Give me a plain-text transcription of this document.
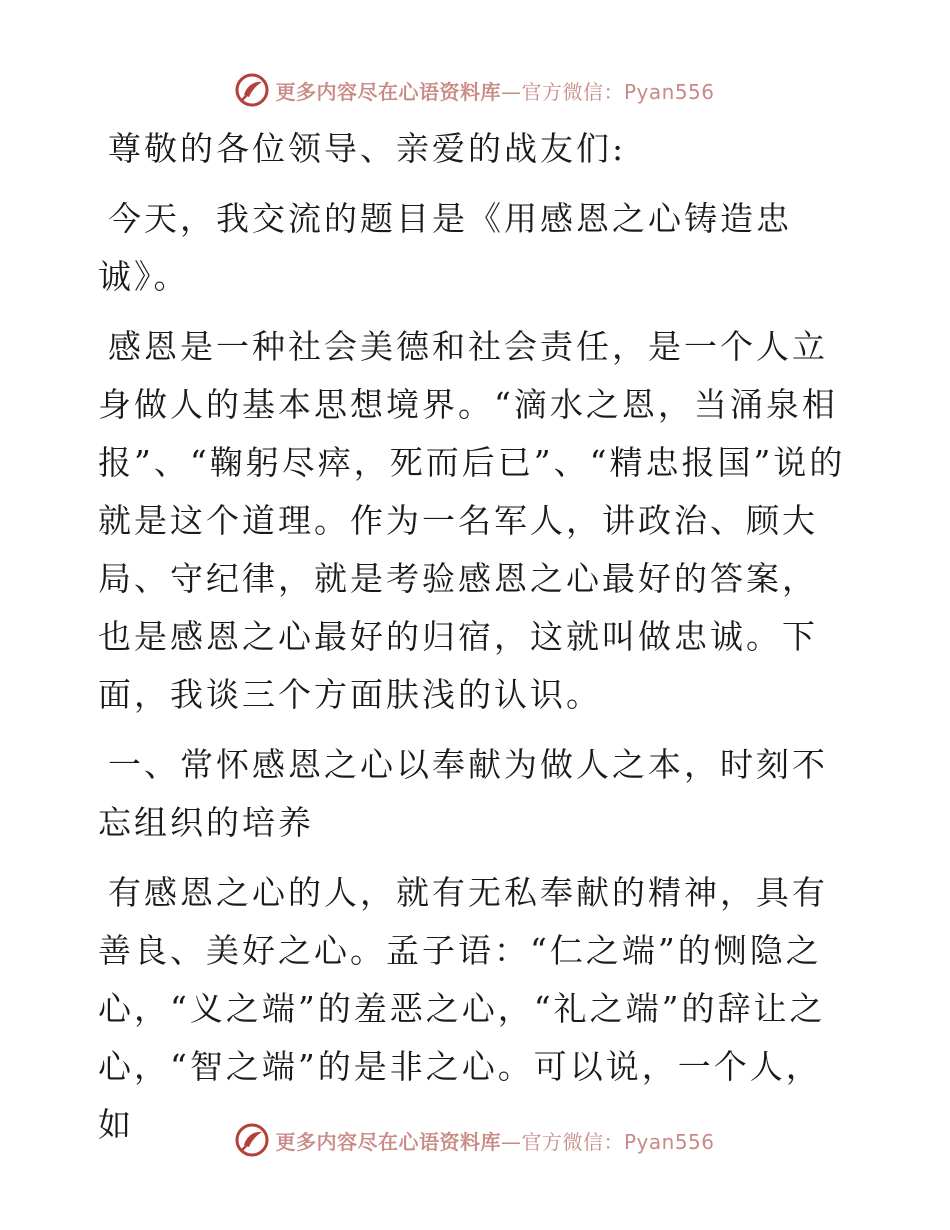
更多内容尽在心语资料库—官方微信：Pyan556

尊敬的各位领导、亲爱的战友们:

今天，我交流的题目是《用感恩之心铸造忠诚》。

感恩是一种社会美德和社会责任，是一个人立身做人的基本思想境界。“滴水之恩，当涌泉相报”、“鞠躬尽瘁，死而后已”、“精忠报国”说的就是这个道理。作为一名军人，讲政治、顾大局、守纪律，就是考验感恩之心最好的答案，也是感恩之心最好的归宿，这就叫做忠诚。下面，我谈三个方面肤浅的认识。

一、常怀感恩之心以奉献为做人之本，时刻不忘组织的培养

有感恩之心的人，就有无私奉献的精神，具有善良、美好之心。孟子语：“仁之端”的恻隐之心，“义之端”的羞恶之心，“礼之端”的辞让之心，“智之端”的是非之心。可以说，一个人，如	更多内容尽在心语资料库—官方微信：Pyan556
